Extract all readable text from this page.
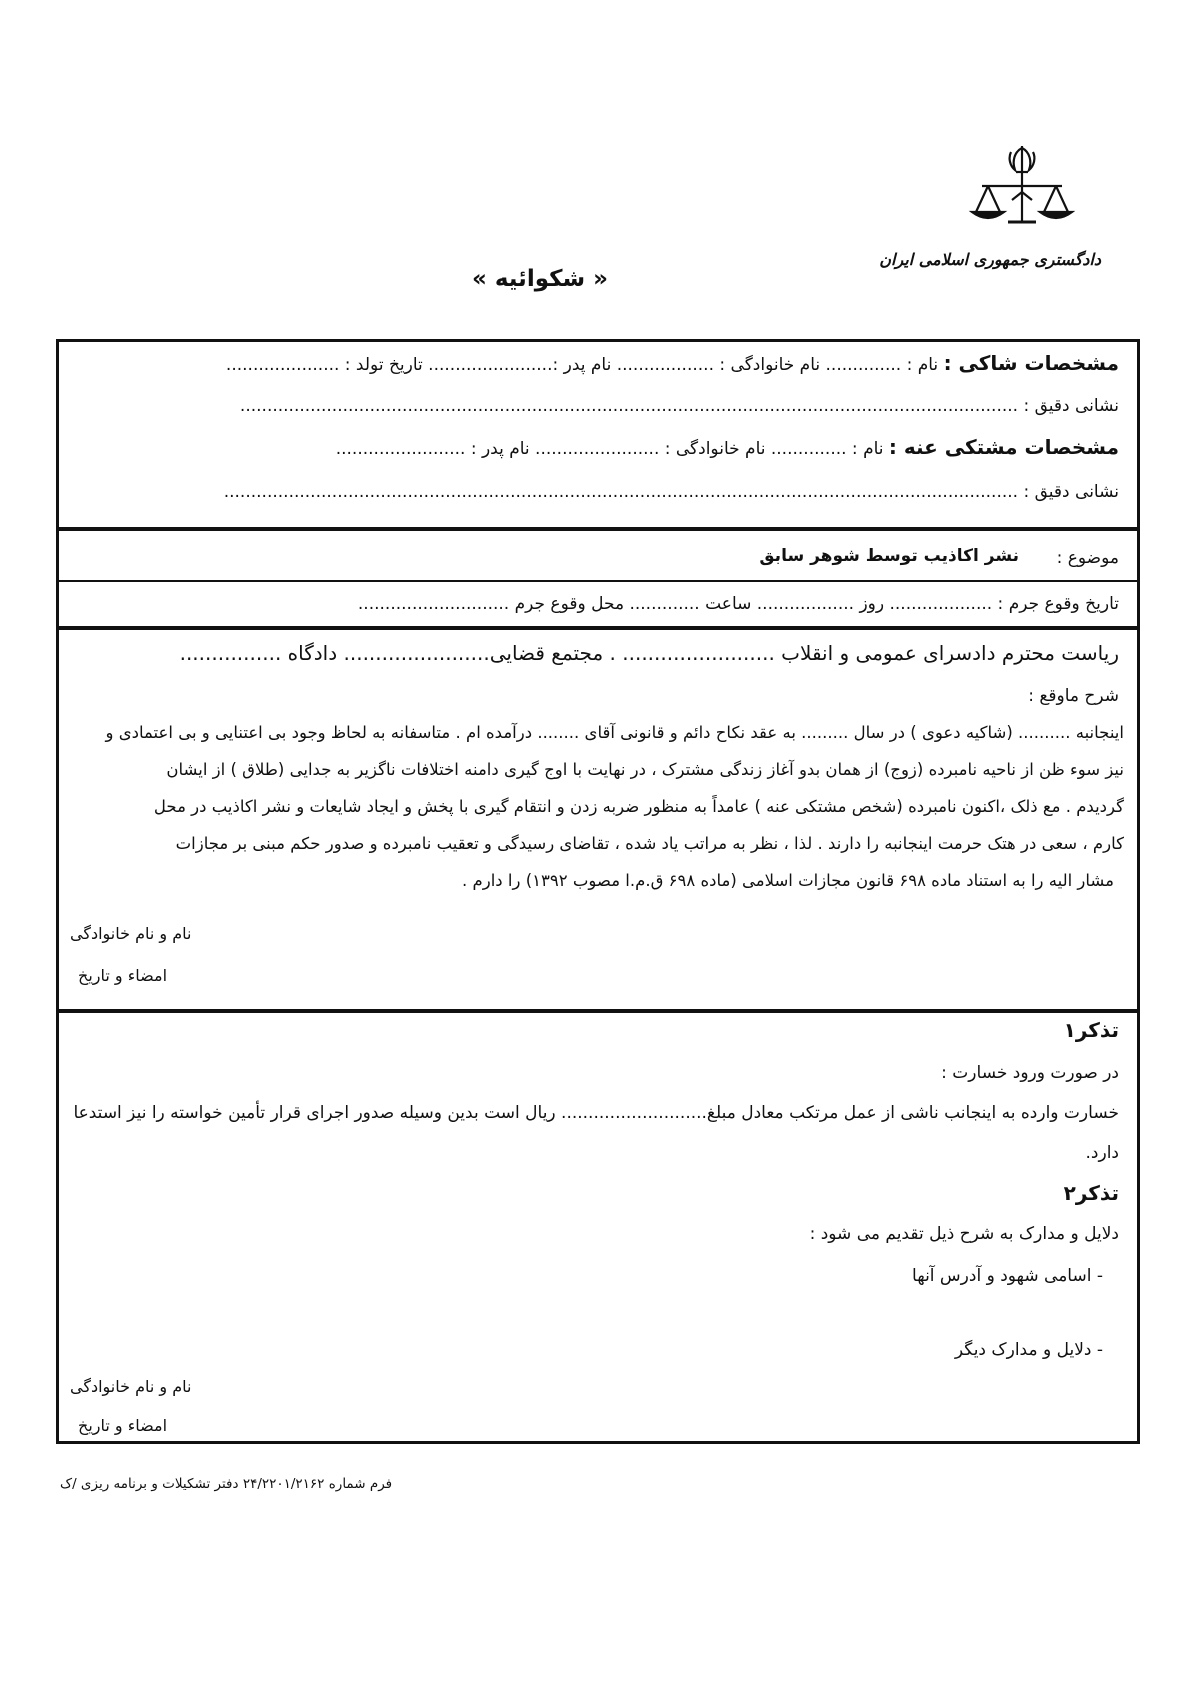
دادگستری جمهوری اسلامی ایران
« شکوائیه »
مشخصات شاکی : نام : .............. نام خانوادگی : .................. نام پدر :....................... تاریخ تولد : .....................
نشانی دقیق : ................................................................................................................................................
مشخصات مشتکی عنه : نام : .............. نام خانوادگی : ....................... نام پدر : ........................
نشانی دقیق : ...................................................................................................................................................
موضوع :
نشر اکاذیب توسط شوهر سابق
تاریخ وقوع جرم : ................... روز .................. ساعت ............. محل وقوع جرم ............................
ریاست محترم دادسرای عمومی و انقلاب ........................ . مجتمع قضایی....................... دادگاه ................
شرح ماوقع :
اینجانبه .......... (شاکیه دعوی ) در سال ......... به عقد نکاح دائم و قانونی آقای ........ درآمده ام . متاسفانه به لحاظ وجود بی اعتنایی و بی اعتمادی و
نیز سوء ظن از ناحیه نامبرده (زوج) از همان بدو آغاز زندگی مشترک ، در نهایت با اوج گیری دامنه اختلافات ناگزیر به جدایی (طلاق ) از ایشان
گردیدم . مع ذلک ،اکنون نامبرده (شخص مشتکی عنه ) عامداً به منظور ضربه زدن و انتقام گیری با پخش و ایجاد شایعات و نشر اکاذیب در محل
کارم ، سعی در هتک حرمت اینجانبه را دارند . لذا ، نظر به مراتب یاد شده ، تقاضای رسیدگی و تعقیب نامبرده و صدور حکم مبنی بر مجازات
مشار الیه را به استناد ماده ۶۹۸ قانون مجازات اسلامی (ماده ۶۹۸ ق.م.ا مصوب ۱۳۹۲) را دارم .
نام و نام خانوادگی
امضاء و تاریخ
تذکر۱
در صورت ورود خسارت :
خسارت وارده به اینجانب ناشی از عمل مرتکب معادل مبلغ........................... ریال است بدین وسیله صدور اجرای قرار تأمین خواسته را نیز استدعا
دارد.
تذکر۲
دلایل و مدارک به شرح ذیل تقدیم می شود :
- اسامی شهود و آدرس آنها
- دلایل و مدارک دیگر
نام و نام خانوادگی
امضاء و تاریخ
فرم شماره ۲۴/۲۲۰۱/۲۱۶۲ دفتر تشکیلات و برنامه ریزی /ک
